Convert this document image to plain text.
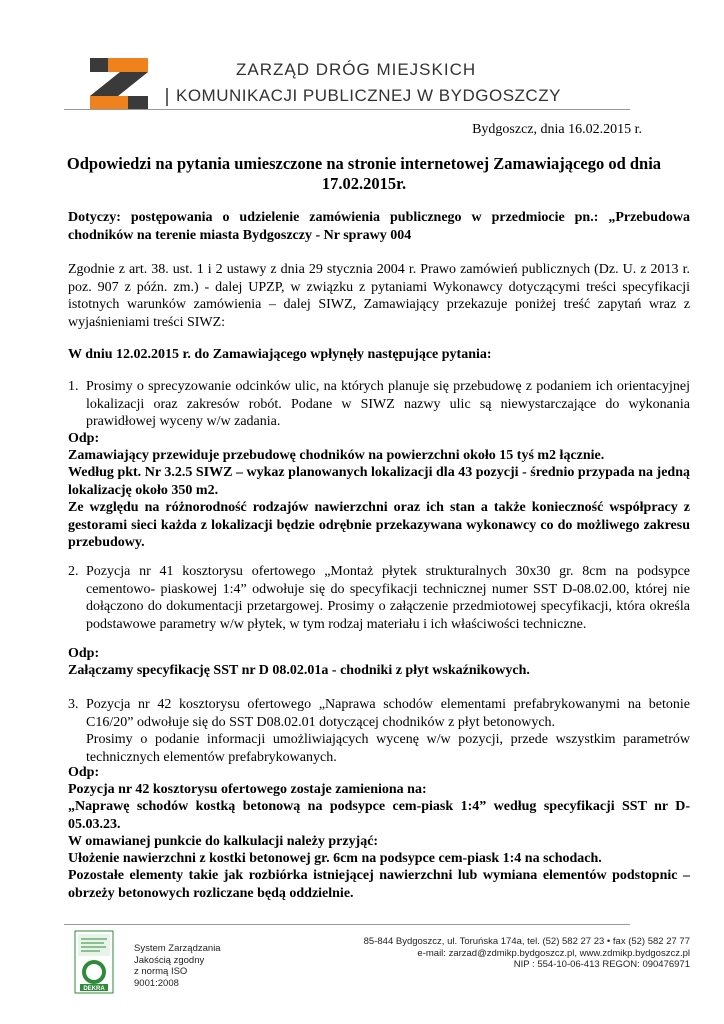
ZARZĄD DRÓG MIEJSKICH
KOMUNIKACJI PUBLICZNEJ W BYDGOSZCZY
Bydgoszcz, dnia 16.02.2015 r.
Odpowiedzi na pytania umieszczone na stronie internetowej Zamawiającego od dnia 17.02.2015r.
Dotyczy: postępowania o udzielenie zamówienia publicznego w przedmiocie pn.: „Przebudowa chodników na terenie miasta Bydgoszczy - Nr sprawy 004
Zgodnie z art. 38. ust. 1 i 2 ustawy z dnia 29 stycznia 2004 r. Prawo zamówień publicznych (Dz. U. z 2013 r. poz. 907 z późn. zm.) - dalej UPZP, w związku z pytaniami Wykonawcy dotyczącymi treści specyfikacji istotnych warunków zamówienia – dalej SIWZ, Zamawiający przekazuje poniżej treść zapytań wraz z wyjaśnieniami treści SIWZ:
W dniu 12.02.2015 r. do Zamawiającego wpłynęły następujące pytania:
1. Prosimy o sprecyzowanie odcinków ulic, na których planuje się przebudowę z podaniem ich orientacyjnej lokalizacji oraz zakresów robót. Podane w SIWZ nazwy ulic są niewystarczające do wykonania prawidłowej wyceny w/w zadania.
Odp:
Zamawiający przewiduje przebudowę chodników na powierzchni około 15 tyś m2 łącznie.
Według pkt. Nr 3.2.5 SIWZ – wykaz planowanych lokalizacji dla 43 pozycji - średnio przypada na jedną lokalizację około 350 m2.
Ze względu na różnorodność rodzajów nawierzchni oraz ich stan a także konieczność współpracy z gestorami sieci każda z lokalizacji będzie odrębnie przekazywana wykonawcy co do możliwego zakresu przebudowy.
2. Pozycja nr 41 kosztorysu ofertowego „Montaż płytek strukturalnych 30x30 gr. 8cm na podsypce cementowo- piaskowej 1:4” odwołuje się do specyfikacji technicznej numer SST D-08.02.00, której nie dołączono do dokumentacji przetargowej. Prosimy o załączenie przedmiotowej specyfikacji, która określa podstawowe parametry w/w płytek, w tym rodzaj materiału i ich właściwości techniczne.
Odp:
Załączamy specyfikację SST nr D 08.02.01a - chodniki z płyt wskaźnikowych.
3. Pozycja nr 42 kosztorysu ofertowego „Naprawa schodów elementami prefabrykowanymi na betonie C16/20” odwołuje się do SST D08.02.01 dotyczącej chodników z płyt betonowych.
Prosimy o podanie informacji umożliwiających wycenę w/w pozycji, przede wszystkim parametrów technicznych elementów prefabrykowanych.
Odp:
Pozycja nr 42 kosztorysu ofertowego zostaje zamieniona na:
„Naprawę schodów kostką betonową na podsypce cem-piask 1:4” według specyfikacji SST nr D-05.03.23.
W omawianej punkcie do kalkulacji należy przyjąć:
Ułożenie nawierzchni z kostki betonowej gr. 6cm na podsypce cem-piask 1:4 na schodach.
Pozostałe elementy takie jak rozbiórka istniejącej nawierzchni lub wymiana elementów podstopnic – obrzeży betonowych rozliczane będą oddzielnie.
DEKRA
System Zarządzania
Jakością zgodny
z normą ISO
9001:2008
85-844 Bydgoszcz, ul. Toruńska 174a, tel. (52) 582 27 23 • fax (52) 582 27 77
e-mail: zarzad@zdmikp.bydgoszcz.pl, www.zdmikp.bydgoszcz.pl
NIP : 554-10-06-413 REGON: 090476971
